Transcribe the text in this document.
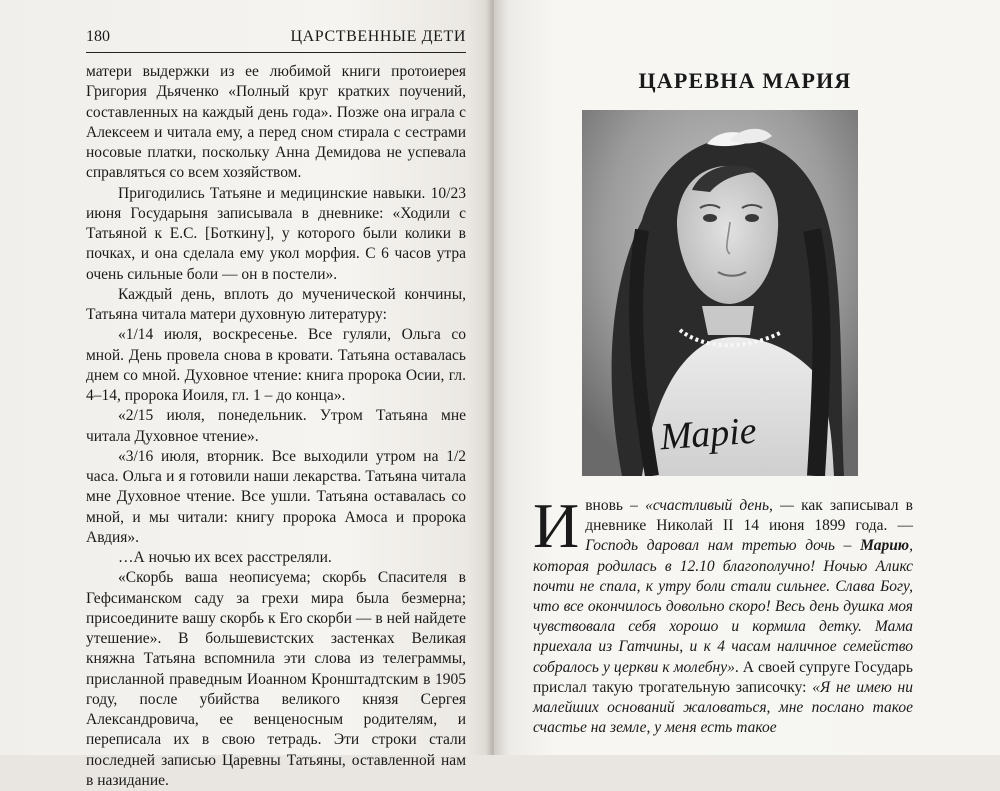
180	ЦАРСТВЕННЫЕ ДЕТИ

матери выдержки из ее любимой книги протоиерея Григория Дьяченко «Полный круг кратких поучений, составленных на каждый день года». Позже она играла с Алексеем и читала ему, а перед сном стирала с сестрами носовые платки, поскольку Анна Демидова не успевала справляться со всем хозяйством.

Пригодились Татьяне и медицинские навыки. 10/23 июня Государыня записывала в дневнике: «Ходили с Татьяной к Е.С. [Боткину], у которого были колики в почках, и она сделала ему укол морфия. С 6 часов утра очень сильные боли — он в постели».

Каждый день, вплоть до мученической кончины, Татьяна читала матери духовную литературу:

«1/14 июля, воскресенье. Все гуляли, Ольга со мной. День провела снова в кровати. Татьяна оставалась днем со мной. Духовное чтение: книга пророка Осии, гл. 4–14, пророка Иоиля, гл. 1 – до конца».

«2/15 июля, понедельник. Утром Татьяна мне читала Духовное чтение».

«3/16 июля, вторник. Все выходили утром на 1/2 часа. Ольга и я готовили наши лекарства. Татьяна читала мне Духовное чтение. Все ушли. Татьяна оставалась со мной, и мы читали: книгу пророка Амоса и пророка Авдия».

…А ночью их всех расстреляли.

«Скорбь ваша неописуема; скорбь Спасителя в Гефсиманском саду за грехи мира была безмерна; присоедините вашу скорбь к Его скорби — в ней найдете утешение». В большевистских застенках Великая княжна Татьяна вспомнила эти слова из телеграммы, присланной праведным Иоанном Кронштадтским в 1905 году, после убийства великого князя Сергея Александровича, ее венценосным родителям, и переписала их в свою тетрадь. Эти строки стали последней записью Царевны Татьяны, оставленной нам в назидание.

ЦАРЕВНА МАРИЯ
Марiе
И вновь – «счастливый день, — как записывал в дневнике Николай II 14 июня 1899 года. — Господь даровал нам третью дочь – Марию, которая родилась в 12.10 благополучно! Ночью Аликс почти не спала, к утру боли стали сильнее. Слава Богу, что все окончилось довольно скоро! Весь день душка моя чувствовала себя хорошо и кормила детку. Мама приехала из Гатчины, и к 4 часам наличное семейство собралось у церкви к молебну». А своей супруге Государь прислал такую трогательную записочку: «Я не имею ни малейших оснований жаловаться, мне послано такое счастье на земле, у меня есть такое
